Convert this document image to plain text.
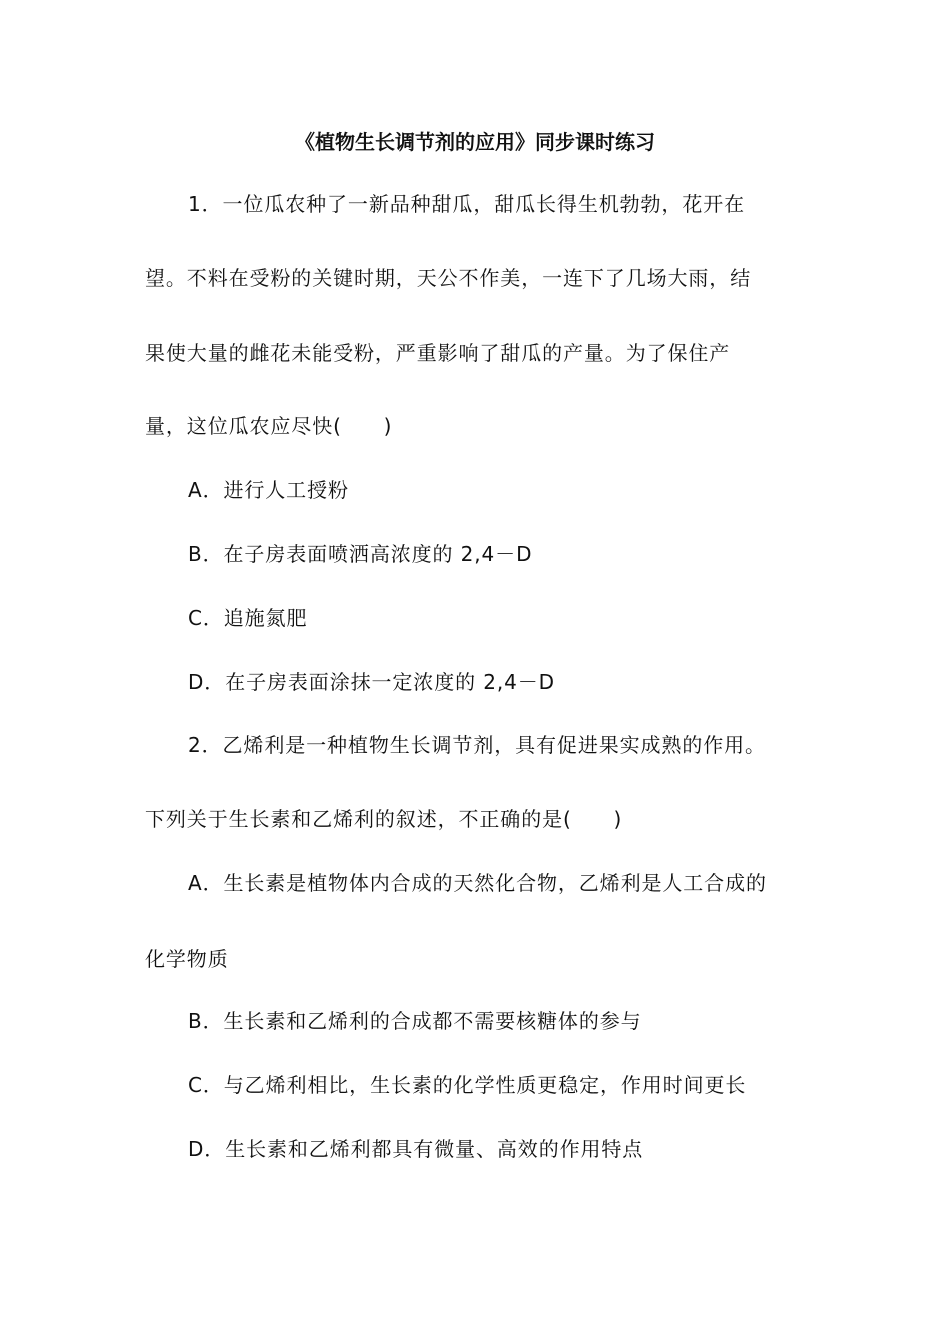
《植物生长调节剂的应用》同步课时练习
1．一位瓜农种了一新品种甜瓜，甜瓜长得生机勃勃，花开在
望。不料在受粉的关键时期，天公不作美，一连下了几场大雨，结
果使大量的雌花未能受粉，严重影响了甜瓜的产量。为了保住产
量，这位瓜农应尽快(　　)
A．进行人工授粉
B．在子房表面喷洒高浓度的 2,4－D
C．追施氮肥
D．在子房表面涂抹一定浓度的 2,4－D
2．乙烯利是一种植物生长调节剂，具有促进果实成熟的作用。
下列关于生长素和乙烯利的叙述，不正确的是(　　)
A．生长素是植物体内合成的天然化合物，乙烯利是人工合成的
化学物质
B．生长素和乙烯利的合成都不需要核糖体的参与
C．与乙烯利相比，生长素的化学性质更稳定，作用时间更长
D．生长素和乙烯利都具有微量、高效的作用特点
